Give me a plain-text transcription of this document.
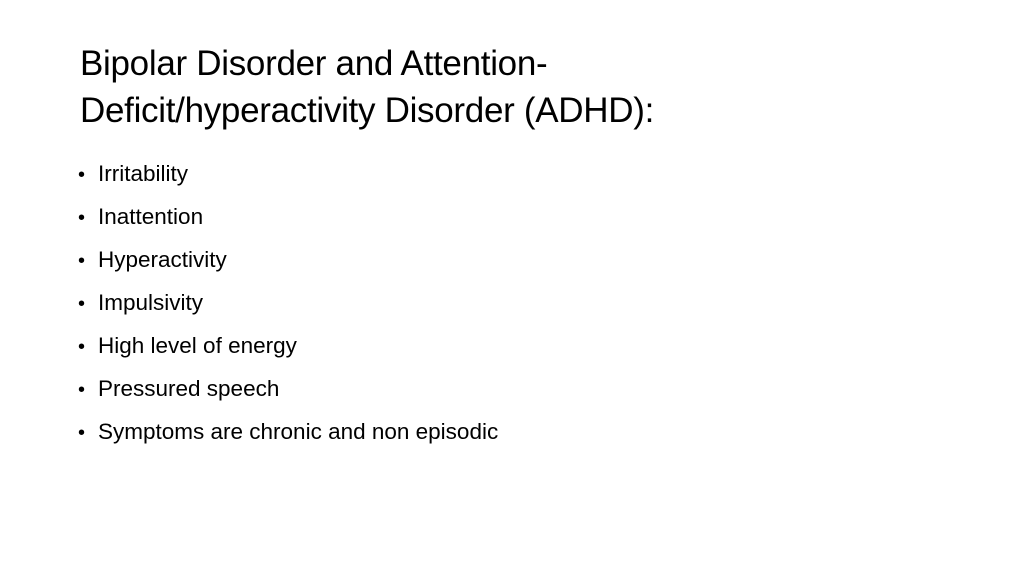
Bipolar Disorder and Attention-
Deficit/hyperactivity Disorder (ADHD):
• Irritability
• Inattention
• Hyperactivity
• Impulsivity
• High level of energy
• Pressured speech
• Symptoms are chronic and non episodic
